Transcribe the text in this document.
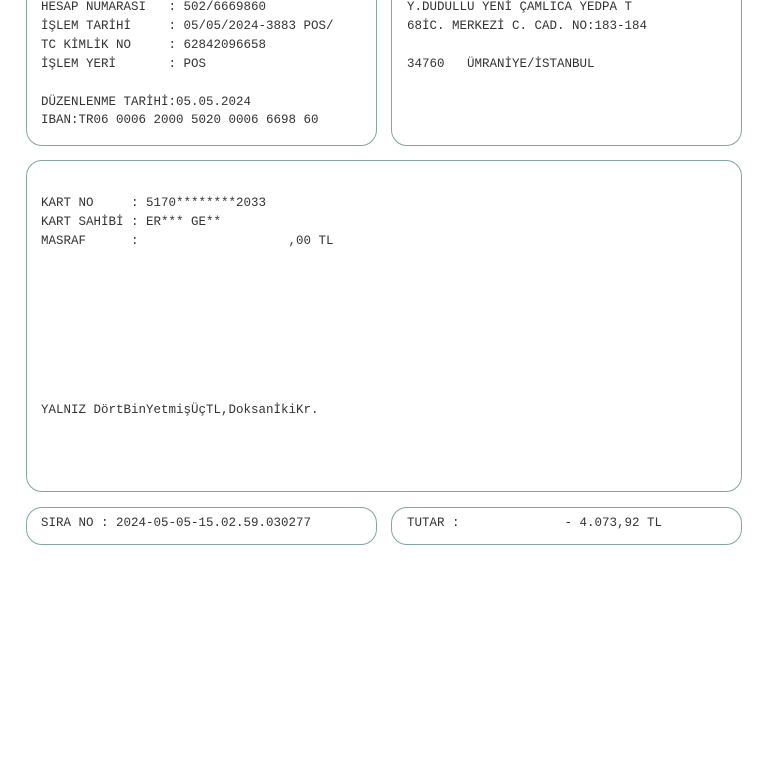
HESAP NUMARASI   : 502/6669860
İŞLEM TARİHİ     : 05/05/2024-3883 POS/
TC KİMLİK NO     : 62842096658
İŞLEM YERİ       : POS
DÜZENLENME TARİHİ:05.05.2024
IBAN:TR06 0006 2000 5020 0006 6698 60
Y.DUDULLU YENİ ÇAMLICA YEDPA T
68İC. MERKEZİ C. CAD. NO:183-184
34760   ÜMRANİYE/İSTANBUL
KART NO     : 5170********2033
KART SAHİBİ : ER*** GE**
MASRAF      :                    ,00 TL
YALNIZ DörtBinYetmişÜçTL,DoksanİkiKr.
SIRA NO : 2024-05-05-15.02.59.030277	TUTAR :              - 4.073,92 TL
